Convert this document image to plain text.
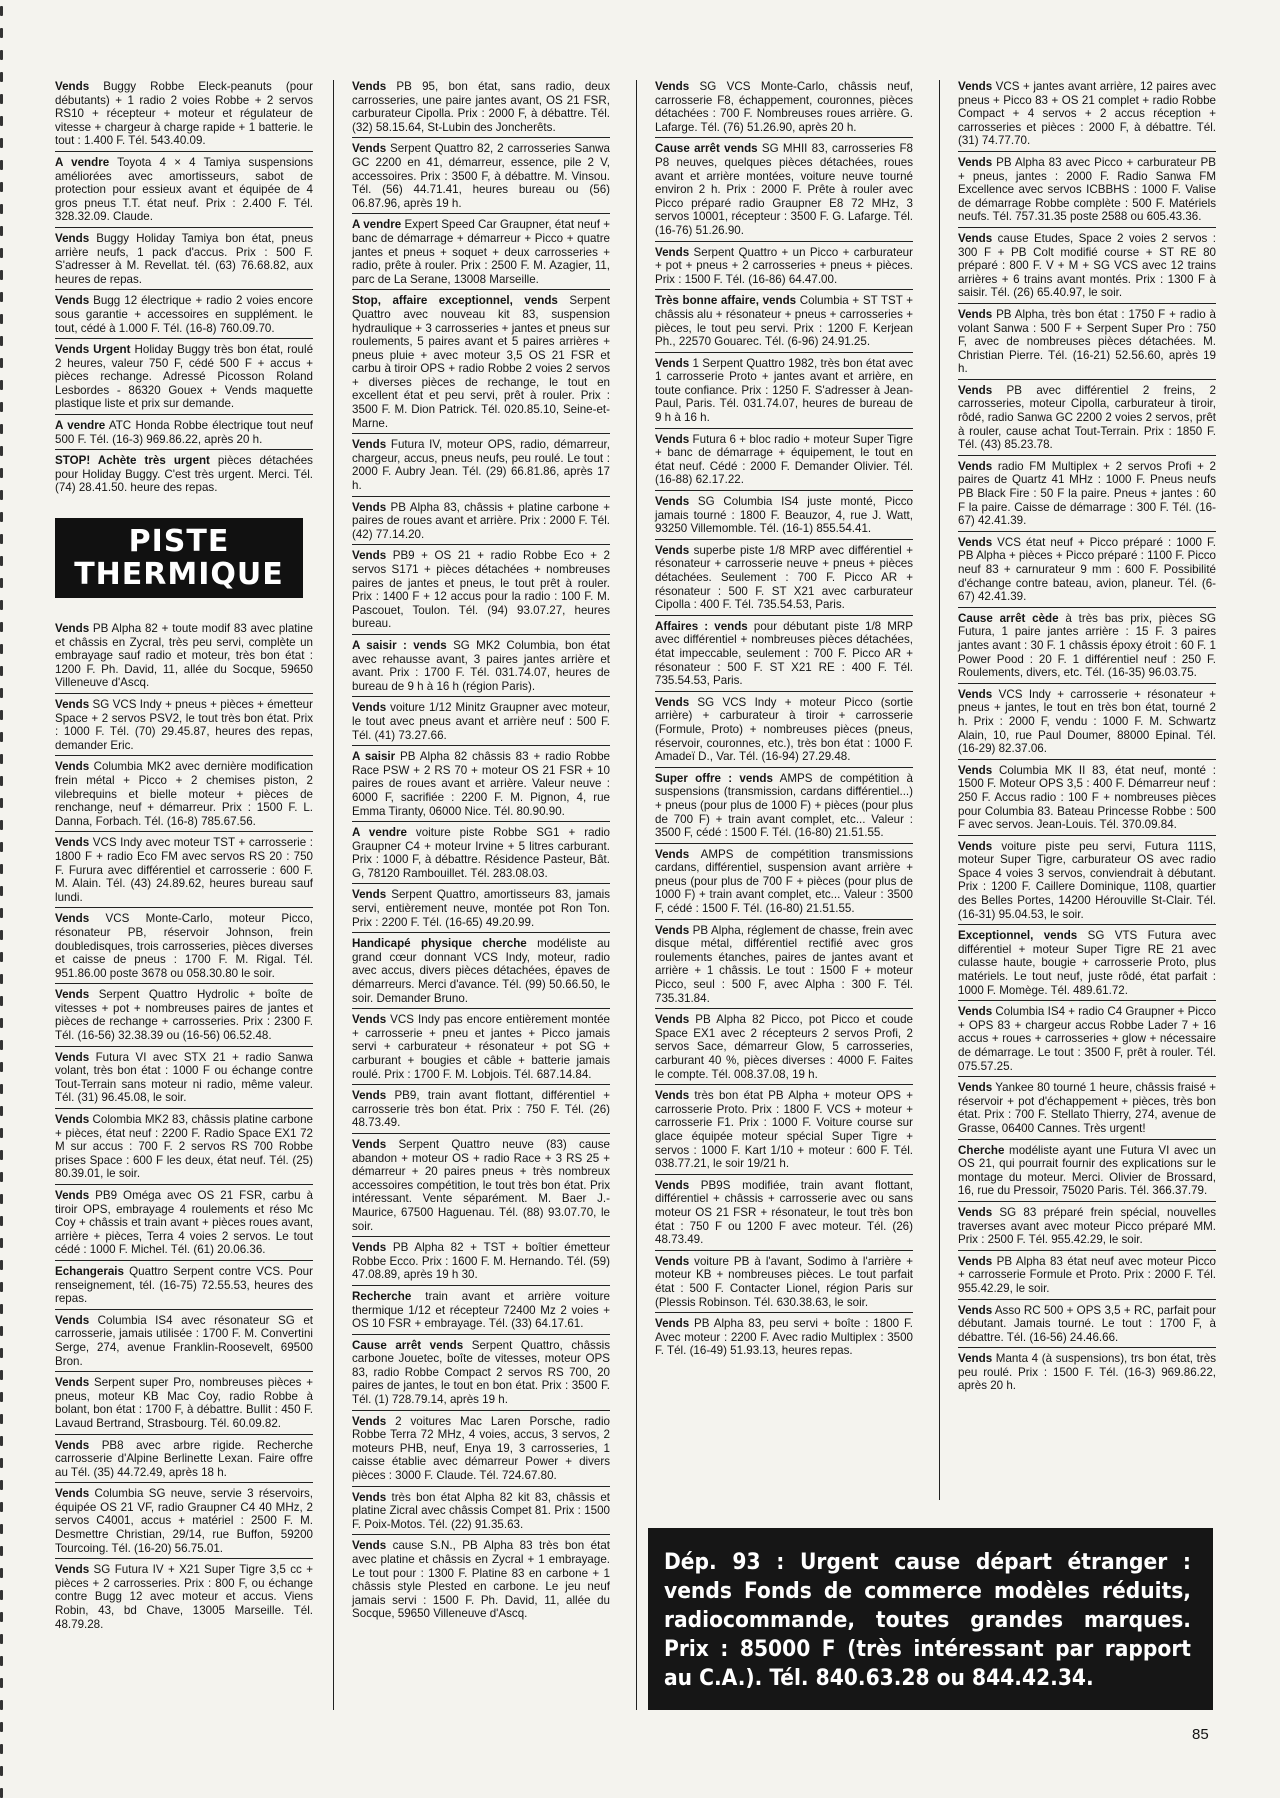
Vends Buggy Robbe Eleck-peanuts (pour débutants) + 1 radio 2 voies Robbe + 2 servos RS10 + récepteur + moteur et régulateur de vitesse + chargeur à charge rapide + 1 batterie. le tout : 1.400 F. Tél. 543.40.09.
A vendre Toyota 4 × 4 Tamiya suspensions améliorées avec amortisseurs, sabot de protection pour essieux avant et équipée de 4 gros pneus T.T. état neuf. Prix : 2.400 F. Tél. 328.32.09. Claude.
Vends Buggy Holiday Tamiya bon état, pneus arrière neufs, 1 pack d'accus. Prix : 500 F. S'adresser à M. Revellat. tél. (63) 76.68.82, aux heures de repas.
Vends Bugg 12 électrique + radio 2 voies encore sous garantie + accessoires en supplément. le tout, cédé à 1.000 F. Tél. (16-8) 760.09.70.
Vends Urgent Holiday Buggy très bon état, roulé 2 heures, valeur 750 F, cédé 500 F + accus + pièces rechange. Adressé Picosson Roland Lesbordes - 86320 Gouex + Vends maquette plastique liste et prix sur demande.
A vendre ATC Honda Robbe électrique tout neuf 500 F. Tél. (16-3) 969.86.22, après 20 h.
STOP! Achète très urgent pièces détachées pour Holiday Buggy. C'est très urgent. Merci. Tél. (74) 28.41.50. heure des repas.
PISTE
THERMIQUE
Vends PB Alpha 82 + toute modif 83 avec platine et châssis en Zycral, très peu servi, complète un embrayage sauf radio et moteur, très bon état : 1200 F. Ph. David, 11, allée du Socque, 59650 Villeneuve d'Ascq.
Vends SG VCS Indy + pneus + pièces + émetteur Space + 2 servos PSV2, le tout très bon état. Prix : 1000 F. Tél. (70) 29.45.87, heures des repas, demander Eric.
Vends Columbia MK2 avec dernière modification frein métal + Picco + 2 chemises piston, 2 vilebrequins et bielle moteur + pièces de renchange, neuf + démarreur. Prix : 1500 F. L. Danna, Forbach. Tél. (16-8) 785.67.56.
Vends VCS Indy avec moteur TST + carrosserie : 1800 F + radio Eco FM avec servos RS 20 : 750 F. Furura avec différentiel et carrosserie : 600 F. M. Alain. Tél. (43) 24.89.62, heures bureau sauf lundi.
Vends VCS Monte-Carlo, moteur Picco, résonateur PB, réservoir Johnson, frein doubledisques, trois carrosseries, pièces diverses et caisse de pneus : 1700 F. M. Rigal. Tél. 951.86.00 poste 3678 ou 058.30.80 le soir.
Vends Serpent Quattro Hydrolic + boîte de vitesses + pot + nombreuses paires de jantes et pièces de rechange + carrosseries. Prix : 2300 F. Tél. (16-56) 32.38.39 ou (16-56) 06.52.48.
Vends Futura VI avec STX 21 + radio Sanwa volant, très bon état : 1000 F ou échange contre Tout-Terrain sans moteur ni radio, même valeur. Tél. (31) 96.45.08, le soir.
Vends Colombia MK2 83, châssis platine carbone + pièces, état neuf : 2200 F. Radio Space EX1 72 M sur accus : 700 F. 2 servos RS 700 Robbe prises Space : 600 F les deux, état neuf. Tél. (25) 80.39.01, le soir.
Vends PB9 Oméga avec OS 21 FSR, carbu à tiroir OPS, embrayage 4 roulements et réso Mc Coy + châssis et train avant + pièces roues avant, arrière + pièces, Terra 4 voies 2 servos. Le tout cédé : 1000 F. Michel. Tél. (61) 20.06.36.
Echangerais Quattro Serpent contre VCS. Pour renseignement, tél. (16-75) 72.55.53, heures des repas.
Vends Columbia IS4 avec résonateur SG et carrosserie, jamais utilisée : 1700 F. M. Convertini Serge, 274, avenue Franklin-Roosevelt, 69500 Bron.
Vends Serpent super Pro, nombreuses pièces + pneus, moteur KB Mac Coy, radio Robbe à bolant, bon état : 1700 F, à débattre. Bullit : 450 F. Lavaud Bertrand, Strasbourg. Tél. 60.09.82.
Vends PB8 avec arbre rigide. Recherche carrosserie d'Alpine Berlinette Lexan. Faire offre au Tél. (35) 44.72.49, après 18 h.
Vends Columbia SG neuve, servie 3 réservoirs, équipée OS 21 VF, radio Graupner C4 40 MHz, 2 servos C4001, accus + matériel : 2500 F. M. Desmettre Christian, 29/14, rue Buffon, 59200 Tourcoing. Tél. (16-20) 56.75.01.
Vends SG Futura IV + X21 Super Tigre 3,5 cc + pièces + 2 carrosseries. Prix : 800 F, ou échange contre Bugg 12 avec moteur et accus. Viens Robin, 43, bd Chave, 13005 Marseille. Tél. 48.79.28.
Vends PB 95, bon état, sans radio, deux carrosseries, une paire jantes avant, OS 21 FSR, carburateur Cipolla. Prix : 2000 F, à débattre. Tél. (32) 58.15.64, St-Lubin des Joncherêts.
Vends Serpent Quattro 82, 2 carrosseries Sanwa GC 2200 en 41, démarreur, essence, pile 2 V, accessoires. Prix : 3500 F, à débattre. M. Vinsou. Tél. (56) 44.71.41, heures bureau ou (56) 06.87.96, après 19 h.
A vendre Expert Speed Car Graupner, état neuf + banc de démarrage + démarreur + Picco + quatre jantes et pneus + soquet + deux carrosseries + radio, prête à rouler. Prix : 2500 F. M. Azagier, 11, parc de La Serane, 13008 Marseille.
Stop, affaire exceptionnel, vends Serpent Quattro avec nouveau kit 83, suspension hydraulique + 3 carrosseries + jantes et pneus sur roulements, 5 paires avant et 5 paires arrières + pneus pluie + avec moteur 3,5 OS 21 FSR et carbu à tiroir OPS + radio Robbe 2 voies 2 servos + diverses pièces de rechange, le tout en excellent état et peu servi, prêt à rouler. Prix : 3500 F. M. Dion Patrick. Tél. 020.85.10, Seine-et-Marne.
Vends Futura IV, moteur OPS, radio, démarreur, chargeur, accus, pneus neufs, peu roulé. Le tout : 2000 F. Aubry Jean. Tél. (29) 66.81.86, après 17 h.
Vends PB Alpha 83, châssis + platine carbone + paires de roues avant et arrière. Prix : 2000 F. Tél. (42) 77.14.20.
Vends PB9 + OS 21 + radio Robbe Eco + 2 servos S171 + pièces détachées + nombreuses paires de jantes et pneus, le tout prêt à rouler. Prix : 1400 F + 12 accus pour la radio : 100 F. M. Pascouet, Toulon. Tél. (94) 93.07.27, heures bureau.
A saisir : vends SG MK2 Columbia, bon état avec rehausse avant, 3 paires jantes arrière et avant. Prix : 1700 F. Tél. 031.74.07, heures de bureau de 9 h à 16 h (région Paris).
Vends voiture 1/12 Minitz Graupner avec moteur, le tout avec pneus avant et arrière neuf : 500 F. Tél. (41) 73.27.66.
A saisir PB Alpha 82 châssis 83 + radio Robbe Race PSW + 2 RS 70 + moteur OS 21 FSR + 10 paires de roues avant et arrière. Valeur neuve : 6000 F, sacrifiée : 2200 F. M. Pignon, 4, rue Emma Tiranty, 06000 Nice. Tél. 80.90.90.
A vendre voiture piste Robbe SG1 + radio Graupner C4 + moteur Irvine + 5 litres carburant. Prix : 1000 F, à débattre. Résidence Pasteur, Bât. G, 78120 Rambouillet. Tél. 283.08.03.
Vends Serpent Quattro, amortisseurs 83, jamais servi, entièrement neuve, montée pot Ron Ton. Prix : 2200 F. Tél. (16-65) 49.20.99.
Handicapé physique cherche modéliste au grand cœur donnant VCS Indy, moteur, radio avec accus, divers pièces détachées, épaves de démarreurs. Merci d'avance. Tél. (99) 50.66.50, le soir. Demander Bruno.
Vends VCS Indy pas encore entièrement montée + carrosserie + pneu et jantes + Picco jamais servi + carburateur + résonateur + pot SG + carburant + bougies et câble + batterie jamais roulé. Prix : 1700 F. M. Lobjois. Tél. 687.14.84.
Vends PB9, train avant flottant, différentiel + carrosserie très bon état. Prix : 750 F. Tél. (26) 48.73.49.
Vends Serpent Quattro neuve (83) cause abandon + moteur OS + radio Race + 3 RS 25 + démarreur + 20 paires pneus + très nombreux accessoires compétition, le tout très bon état. Prix intéressant. Vente séparément. M. Baer J.-Maurice, 67500 Haguenau. Tél. (88) 93.07.70, le soir.
Vends PB Alpha 82 + TST + boîtier émetteur Robbe Ecco. Prix : 1600 F. M. Hernando. Tél. (59) 47.08.89, après 19 h 30.
Recherche train avant et arrière voiture thermique 1/12 et récepteur 72400 Mz 2 voies + OS 10 FSR + embrayage. Tél. (33) 64.17.61.
Cause arrêt vends Serpent Quattro, châssis carbone Jouetec, boîte de vitesses, moteur OPS 83, radio Robbe Compact 2 servos RS 700, 20 paires de jantes, le tout en bon état. Prix : 3500 F. Tél. (1) 728.79.14, après 19 h.
Vends 2 voitures Mac Laren Porsche, radio Robbe Terra 72 MHz, 4 voies, accus, 3 servos, 2 moteurs PHB, neuf, Enya 19, 3 carrosseries, 1 caisse établie avec démarreur Power + divers pièces : 3000 F. Claude. Tél. 724.67.80.
Vends très bon état Alpha 82 kit 83, châssis et platine Zicral avec châssis Compet 81. Prix : 1500 F. Poix-Motos. Tél. (22) 91.35.63.
Vends cause S.N., PB Alpha 83 très bon état avec platine et châssis en Zycral + 1 embrayage. Le tout pour : 1300 F. Platine 83 en carbone + 1 châssis style Plested en carbone. Le jeu neuf jamais servi : 1500 F. Ph. David, 11, allée du Socque, 59650 Villeneuve d'Ascq.
Vends SG VCS Monte-Carlo, châssis neuf, carrosserie F8, échappement, couronnes, pièces détachées : 700 F. Nombreuses roues arrière. G. Lafarge. Tél. (76) 51.26.90, après 20 h.
Cause arrêt vends SG MHII 83, carrosseries F8 P8 neuves, quelques pièces détachées, roues avant et arrière montées, voiture neuve tourné environ 2 h. Prix : 2000 F. Prête à rouler avec Picco préparé radio Graupner E8 72 MHz, 3 servos 10001, récepteur : 3500 F. G. Lafarge. Tél. (16-76) 51.26.90.
Vends Serpent Quattro + un Picco + carburateur + pot + pneus + 2 carrosseries + pneus + pièces. Prix : 1500 F. Tél. (16-86) 64.47.00.
Très bonne affaire, vends Columbia + ST TST + châssis alu + résonateur + pneus + carrosseries + pièces, le tout peu servi. Prix : 1200 F. Kerjean Ph., 22570 Gouarec. Tél. (6-96) 24.91.25.
Vends 1 Serpent Quattro 1982, très bon état avec 1 carrosserie Proto + jantes avant et arrière, en toute confiance. Prix : 1250 F. S'adresser à Jean-Paul, Paris. Tél. 031.74.07, heures de bureau de 9 h à 16 h.
Vends Futura 6 + bloc radio + moteur Super Tigre + banc de démarrage + équipement, le tout en état neuf. Cédé : 2000 F. Demander Olivier. Tél. (16-88) 62.17.22.
Vends SG Columbia IS4 juste monté, Picco jamais tourné : 1800 F. Beauzor, 4, rue J. Watt, 93250 Villemomble. Tél. (16-1) 855.54.41.
Vends superbe piste 1/8 MRP avec différentiel + résonateur + carrosserie neuve + pneus + pièces détachées. Seulement : 700 F. Picco AR + résonateur : 500 F. ST X21 avec carburateur Cipolla : 400 F. Tél. 735.54.53, Paris.
Affaires : vends pour débutant piste 1/8 MRP avec différentiel + nombreuses pièces détachées, état impeccable, seulement : 700 F. Picco AR + résonateur : 500 F. ST X21 RE : 400 F. Tél. 735.54.53, Paris.
Vends SG VCS Indy + moteur Picco (sortie arrière) + carburateur à tiroir + carrosserie (Formule, Proto) + nombreuses pièces (pneus, réservoir, couronnes, etc.), très bon état : 1000 F. Amadeï D., Var. Tél. (16-94) 27.29.48.
Super offre : vends AMPS de compétition à suspensions (transmission, cardans différentiel...) + pneus (pour plus de 1000 F) + pièces (pour plus de 700 F) + train avant complet, etc... Valeur : 3500 F, cédé : 1500 F. Tél. (16-80) 21.51.55.
Vends AMPS de compétition transmissions cardans, différentiel, suspension avant arrière + pneus (pour plus de 700 F + pièces (pour plus de 1000 F) + train avant complet, etc... Valeur : 3500 F, cédé : 1500 F. Tél. (16-80) 21.51.55.
Vends PB Alpha, réglement de chasse, frein avec disque métal, différentiel rectifié avec gros roulements étanches, paires de jantes avant et arrière + 1 châssis. Le tout : 1500 F + moteur Picco, seul : 500 F, avec Alpha : 300 F. Tél. 735.31.84.
Vends PB Alpha 82 Picco, pot Picco et coude Space EX1 avec 2 récepteurs 2 servos Profi, 2 servos Sace, démarreur Glow, 5 carrosseries, carburant 40 %, pièces diverses : 4000 F. Faites le compte. Tél. 008.37.08, 19 h.
Vends très bon état PB Alpha + moteur OPS + carrosserie Proto. Prix : 1800 F. VCS + moteur + carrosserie F1. Prix : 1000 F. Voiture course sur glace équipée moteur spécial Super Tigre + servos : 1000 F. Kart 1/10 + moteur : 600 F. Tél. 038.77.21, le soir 19/21 h.
Vends PB9S modifiée, train avant flottant, différentiel + châssis + carrosserie avec ou sans moteur OS 21 FSR + résonateur, le tout très bon état : 750 F ou 1200 F avec moteur. Tél. (26) 48.73.49.
Vends voiture PB à l'avant, Sodimo à l'arrière + moteur KB + nombreuses pièces. Le tout parfait état : 500 F. Contacter Lionel, région Paris sur (Plessis Robinson. Tél. 630.38.63, le soir.
Vends PB Alpha 83, peu servi + boîte : 1800 F. Avec moteur : 2200 F. Avec radio Multiplex : 3500 F. Tél. (16-49) 51.93.13, heures repas.
Vends VCS + jantes avant arrière, 12 paires avec pneus + Picco 83 + OS 21 complet + radio Robbe Compact + 4 servos + 2 accus réception + carrosseries et pièces : 2000 F, à débattre. Tél. (31) 74.77.70.
Vends PB Alpha 83 avec Picco + carburateur PB + pneus, jantes : 2000 F. Radio Sanwa FM Excellence avec servos ICBBHS : 1000 F. Valise de démarrage Robbe complète : 500 F. Matériels neufs. Tél. 757.31.35 poste 2588 ou 605.43.36.
Vends cause Etudes, Space 2 voies 2 servos : 300 F + PB Colt modifié course + ST RE 80 préparé : 800 F. V + M + SG VCS avec 12 trains arrières + 6 trains avant montés. Prix : 1300 F à saisir. Tél. (26) 65.40.97, le soir.
Vends PB Alpha, très bon état : 1750 F + radio à volant Sanwa : 500 F + Serpent Super Pro : 750 F, avec de nombreuses pièces détachées. M. Christian Pierre. Tél. (16-21) 52.56.60, après 19 h.
Vends PB avec différentiel 2 freins, 2 carrosseries, moteur Cipolla, carburateur à tiroir, rôdé, radio Sanwa GC 2200 2 voies 2 servos, prêt à rouler, cause achat Tout-Terrain. Prix : 1850 F. Tél. (43) 85.23.78.
Vends radio FM Multiplex + 2 servos Profi + 2 paires de Quartz 41 MHz : 1000 F. Pneus neufs PB Black Fire : 50 F la paire. Pneus + jantes : 60 F la paire. Caisse de démarrage : 300 F. Tél. (16-67) 42.41.39.
Vends VCS état neuf + Picco préparé : 1000 F. PB Alpha + pièces + Picco préparé : 1100 F. Picco neuf 83 + carnurateur 9 mm : 600 F. Possibilité d'échange contre bateau, avion, planeur. Tél. (6-67) 42.41.39.
Cause arrêt cède à très bas prix, pièces SG Futura, 1 paire jantes arrière : 15 F. 3 paires jantes avant : 30 F. 1 châssis époxy étroit : 60 F. 1 Power Pood : 20 F. 1 différentiel neuf : 250 F. Roulements, divers, etc. Tél. (16-35) 96.03.75.
Vends VCS Indy + carrosserie + résonateur + pneus + jantes, le tout en très bon état, tourné 2 h. Prix : 2000 F, vendu : 1000 F. M. Schwartz Alain, 10, rue Paul Doumer, 88000 Epinal. Tél. (16-29) 82.37.06.
Vends Columbia MK II 83, état neuf, monté : 1500 F. Moteur OPS 3,5 : 400 F. Démarreur neuf : 250 F. Accus radio : 100 F + nombreuses pièces pour Columbia 83. Bateau Princesse Robbe : 500 F avec servos. Jean-Louis. Tél. 370.09.84.
Vends voiture piste peu servi, Futura 111S, moteur Super Tigre, carburateur OS avec radio Space 4 voies 3 servos, conviendrait à débutant. Prix : 1200 F. Caillere Dominique, 1108, quartier des Belles Portes, 14200 Hérouville St-Clair. Tél. (16-31) 95.04.53, le soir.
Exceptionnel, vends SG VTS Futura avec différentiel + moteur Super Tigre RE 21 avec culasse haute, bougie + carrosserie Proto, plus matériels. Le tout neuf, juste rôdé, état parfait : 1000 F. Momège. Tél. 489.61.72.
Vends Columbia IS4 + radio C4 Graupner + Picco + OPS 83 + chargeur accus Robbe Lader 7 + 16 accus + roues + carrosseries + glow + nécessaire de démarrage. Le tout : 3500 F, prêt à rouler. Tél. 075.57.25.
Vends Yankee 80 tourné 1 heure, châssis fraisé + réservoir + pot d'échappement + pièces, très bon état. Prix : 700 F. Stellato Thierry, 274, avenue de Grasse, 06400 Cannes. Très urgent!
Cherche modéliste ayant une Futura VI avec un OS 21, qui pourrait fournir des explications sur le montage du moteur. Merci. Olivier de Brossard, 16, rue du Pressoir, 75020 Paris. Tél. 366.37.79.
Vends SG 83 préparé frein spécial, nouvelles traverses avant avec moteur Picco préparé MM. Prix : 2500 F. Tél. 955.42.29, le soir.
Vends PB Alpha 83 état neuf avec moteur Picco + carrosserie Formule et Proto. Prix : 2000 F. Tél. 955.42.29, le soir.
Vends Asso RC 500 + OPS 3,5 + RC, parfait pour débutant. Jamais tourné. Le tout : 1700 F, à débattre. Tél. (16-56) 24.46.66.
Vends Manta 4 (à suspensions), trs bon état, très peu roulé. Prix : 1500 F. Tél. (16-3) 969.86.22, après 20 h.
Dép. 93 : Urgent cause départ étranger : vends Fonds de commerce modèles réduits, radiocommande, toutes grandes marques. Prix : 85000 F (très intéressant par rapport au C.A.). Tél. 840.63.28 ou 844.42.34.
85
